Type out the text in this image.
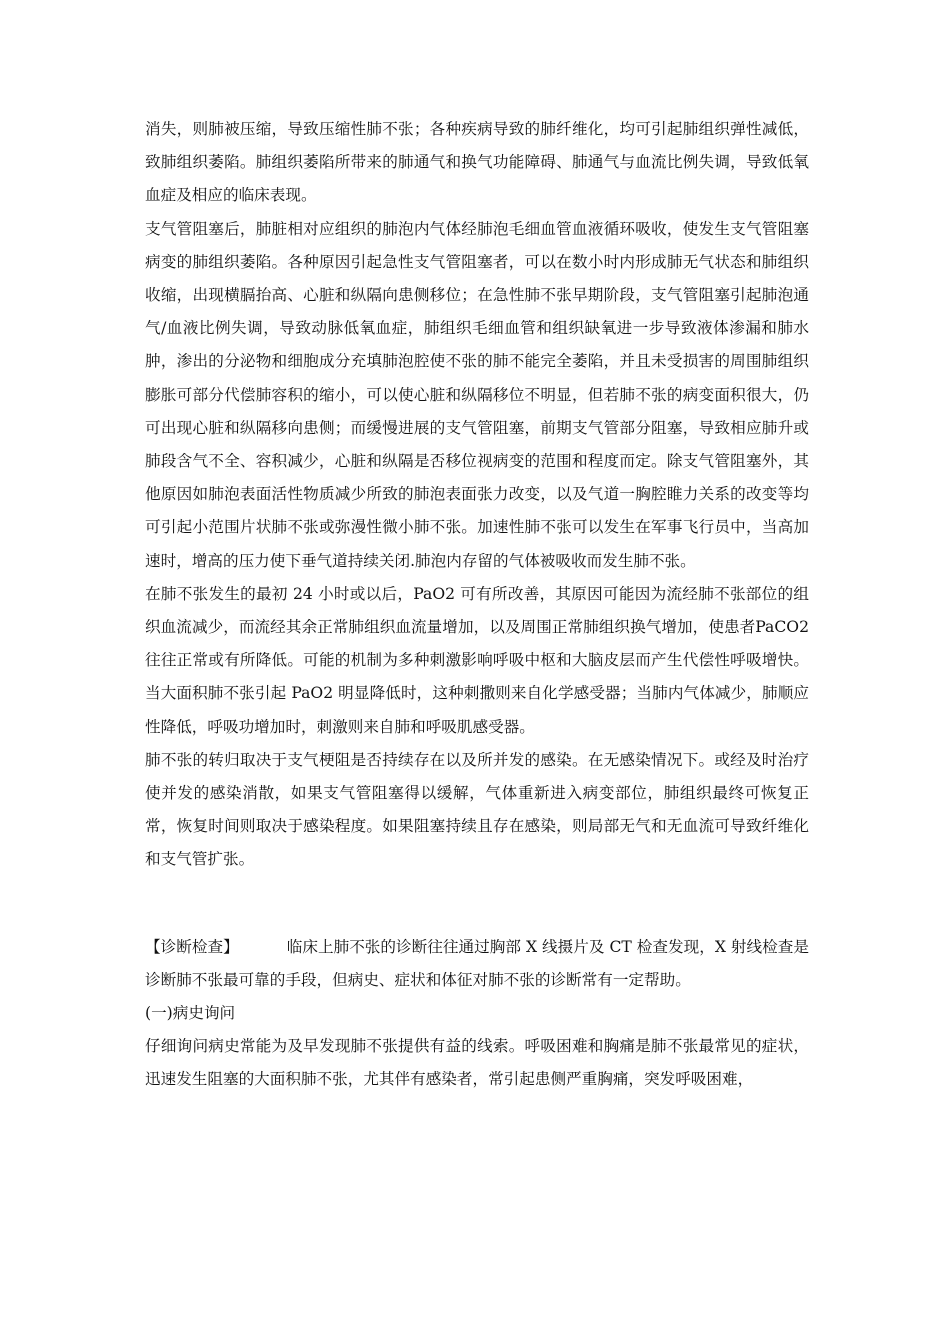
消失，则肺被压缩，导致压缩性肺不张；各种疾病导致的肺纤维化，均可引起肺组织弹性减低，致肺组织萎陷。肺组织萎陷所带来的肺通气和换气功能障碍、肺通气与血流比例失调，导致低氧血症及相应的临床表现。

支气管阻塞后，肺脏相对应组织的肺泡内气体经肺泡毛细血管血液循环吸收，使发生支气管阻塞病变的肺组织萎陷。各种原因引起急性支气管阻塞者，可以在数小时内形成肺无气状态和肺组织收缩，出现横膈抬高、心脏和纵隔向患侧移位；在急性肺不张早期阶段，支气管阻塞引起肺泡通气/血液比例失调，导致动脉低氧血症，肺组织毛细血管和组织缺氧进一步导致液体渗漏和肺水肿，渗出的分泌物和细胞成分充填肺泡腔使不张的肺不能完全萎陷，并且未受损害的周围肺组织膨胀可部分代偿肺容积的缩小，可以使心脏和纵隔移位不明显，但若肺不张的病变面积很大，仍可出现心脏和纵隔移向患侧；而缓慢进展的支气管阻塞，前期支气管部分阻塞，导致相应肺升或肺段含气不全、容积减少，心脏和纵隔是否移位视病变的范围和程度而定。除支气管阻塞外，其他原因如肺泡表面活性物质减少所致的肺泡表面张力改变，以及气道一胸腔睢力关系的改变等均可引起小范围片状肺不张或弥漫性微小肺不张。加速性肺不张可以发生在军事飞行员中，当高加速时，增高的压力使下垂气道持续关闭.肺泡内存留的气体被吸收而发生肺不张。

在肺不张发生的最初 24 小时或以后，PaO2 可有所改善，其原因可能因为流经肺不张部位的组织血流减少，而流经其余正常肺组织血流量增加，以及周围正常肺组织换气增加，使患者PaCO2 往往正常或有所降低。可能的机制为多种刺激影响呼吸中枢和大脑皮层而产生代偿性呼吸增快。当大面积肺不张引起 PaO2 明显降低时，这种刺撒则来自化学感受器；当肺内气体减少，肺顺应性降低，呼吸功增加时，刺激则来自肺和呼吸肌感受器。

肺不张的转归取决于支气梗阻是否持续存在以及所并发的感染。在无感染情况下。或经及时治疗使并发的感染消散，如果支气管阻塞得以缓解，气体重新进入病变部位，肺组织最终可恢复正常，恢复时间则取决于感染程度。如果阻塞持续且存在感染，则局部无气和无血流可导致纤维化和支气管扩张。

【诊断检查】	临床上肺不张的诊断往往通过胸部 X 线摄片及 CT 检查发现，X 射线检查是诊断肺不张最可靠的手段，但病史、症状和体征对肺不张的诊断常有一定帮助。

(一)病史询问

仔细询问病史常能为及早发现肺不张提供有益的线索。呼吸困难和胸痛是肺不张最常见的症状，迅速发生阻塞的大面积肺不张，尤其伴有感染者，常引起患侧严重胸痛，突发呼吸困难，
